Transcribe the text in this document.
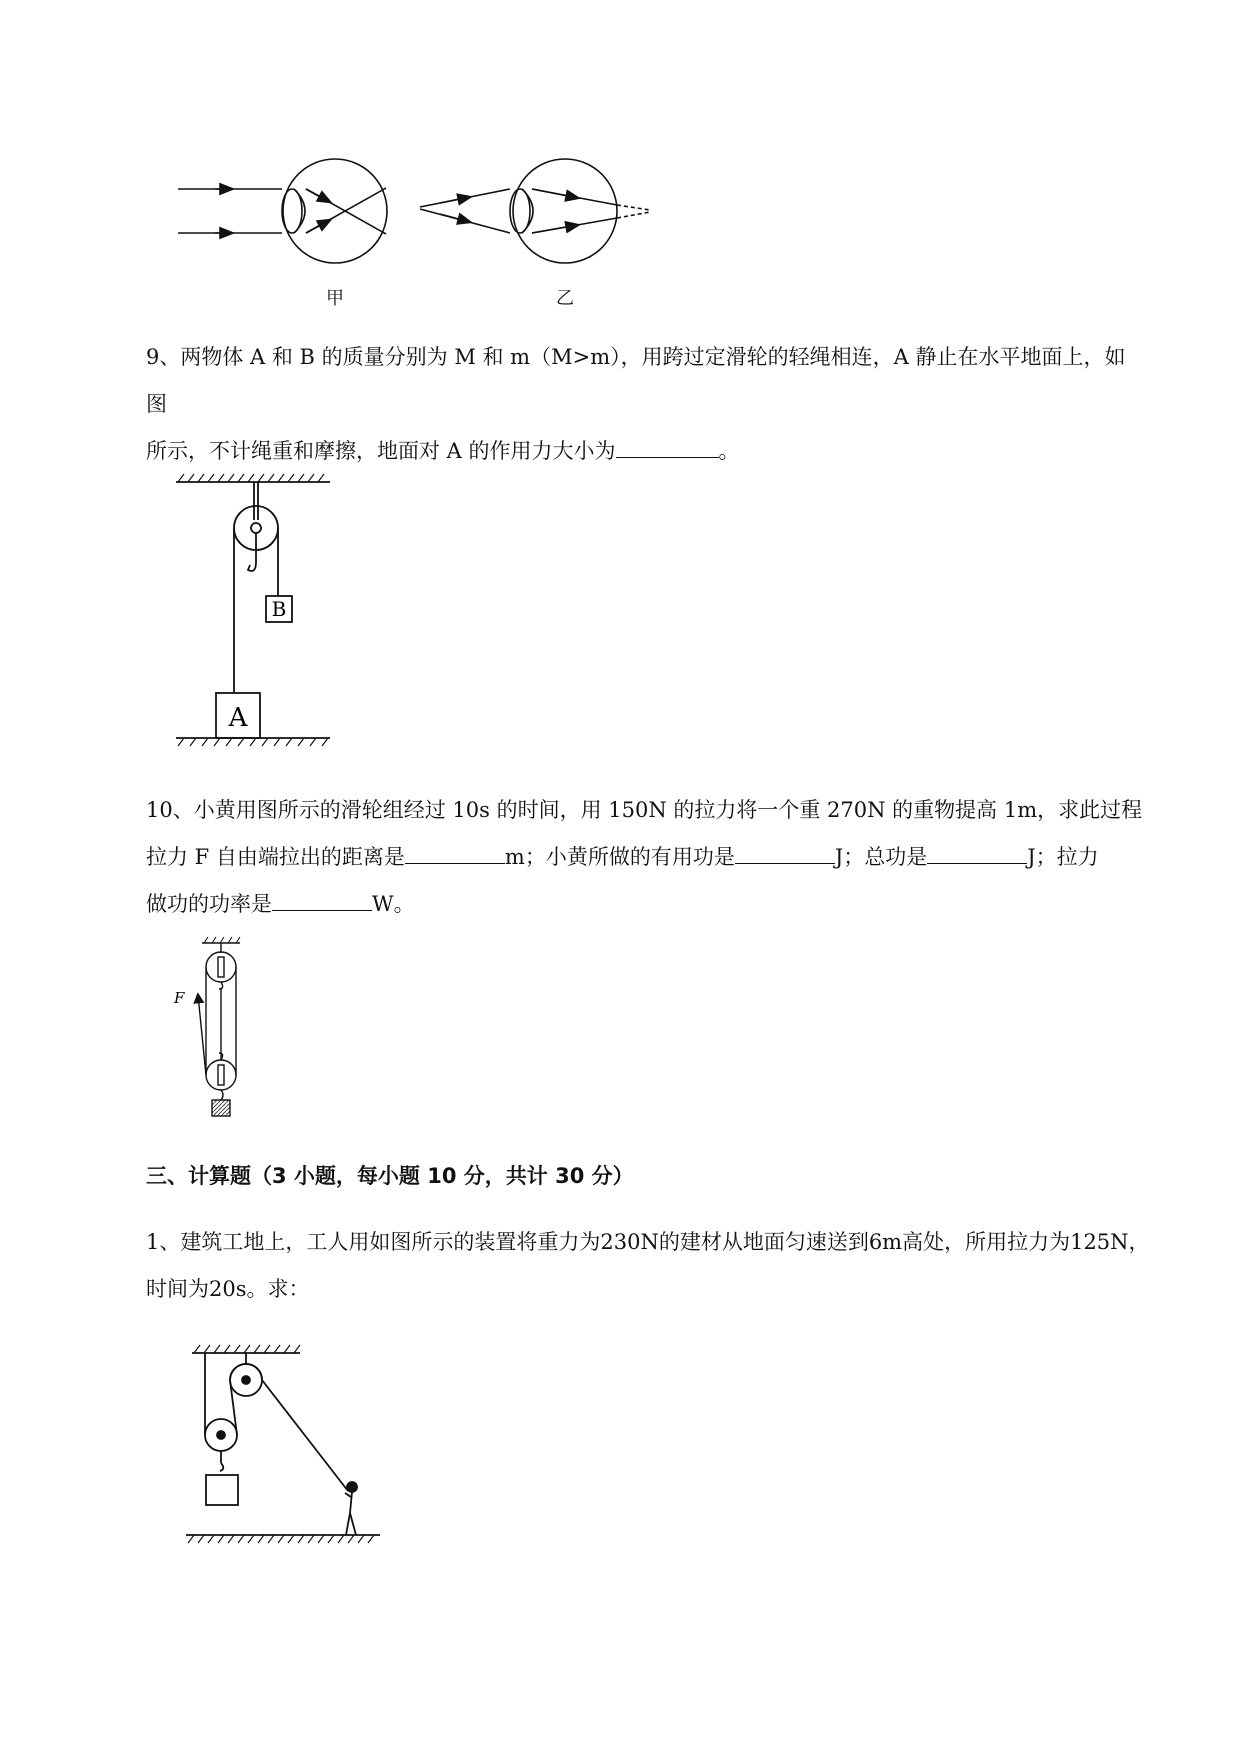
甲	乙
9、两物体 A 和 B 的质量分别为 M 和 m（M>m），用跨过定滑轮的轻绳相连，A 静止在水平地面上，如图
所示，不计绳重和摩擦，地面对 A 的作用力大小为	。
B
A
10、小黄用图所示的滑轮组经过 10s 的时间，用 150N 的拉力将一个重 270N 的重物提高 1m，求此过程
拉力 F 自由端拉出的距离是	m；小黄所做的有用功是	J；总功是	J；拉力
做功的功率是	W。
F
三、计算题（3 小题，每小题 10 分，共计 30 分）
1、建筑工地上，工人用如图所示的装置将重力为230N的建材从地面匀速送到6m高处，所用拉力为125N，
时间为20s。求：
